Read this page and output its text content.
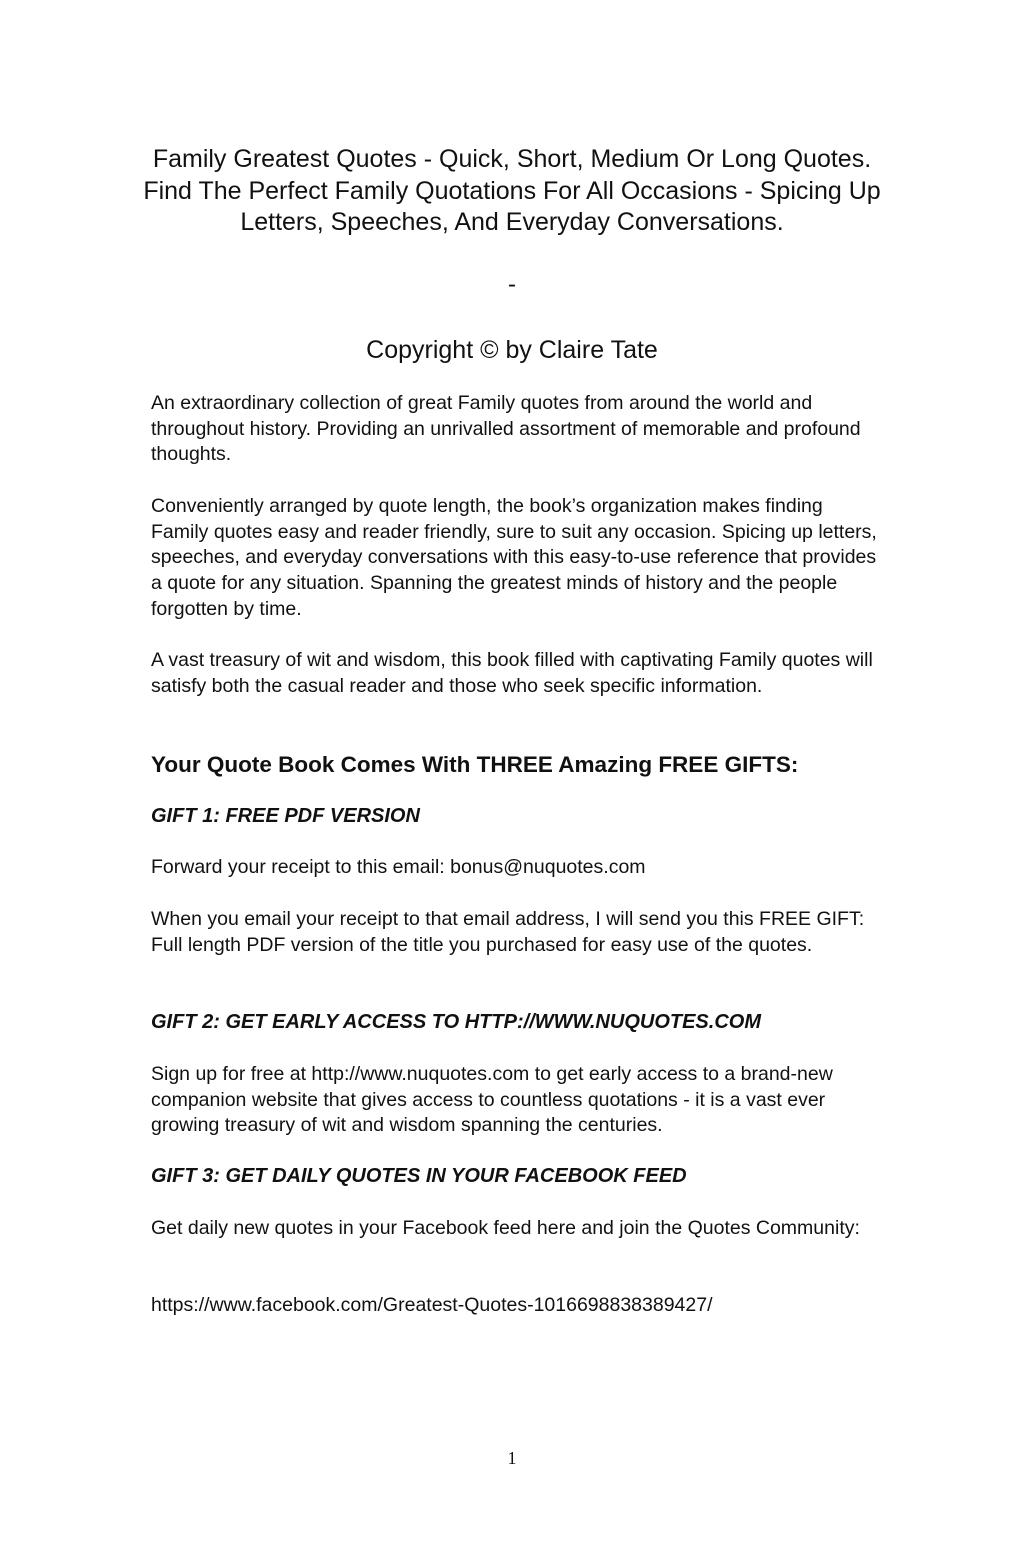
Family Greatest Quotes - Quick, Short, Medium Or Long Quotes. Find The Perfect Family Quotations For All Occasions - Spicing Up Letters, Speeches, And Everyday Conversations.
-
Copyright © by Claire Tate

An extraordinary collection of great Family quotes from around the world and throughout history. Providing an unrivalled assortment of memorable and profound thoughts.

Conveniently arranged by quote length, the book’s organization makes finding Family quotes easy and reader friendly, sure to suit any occasion. Spicing up letters, speeches, and everyday conversations with this easy-to-use reference that provides a quote for any situation. Spanning the greatest minds of history and the people forgotten by time.

A vast treasury of wit and wisdom, this book filled with captivating Family quotes will satisfy both the casual reader and those who seek specific information.

Your Quote Book Comes With THREE Amazing FREE GIFTS:
GIFT 1: FREE PDF VERSION

Forward your receipt to this email: bonus@nuquotes.com

When you email your receipt to that email address, I will send you this FREE GIFT: Full length PDF version of the title you purchased for easy use of the quotes.

GIFT 2: GET EARLY ACCESS TO HTTP://WWW.NUQUOTES.COM

Sign up for free at http://www.nuquotes.com to get early access to a brand-new companion website that gives access to countless quotations - it is a vast ever growing treasury of wit and wisdom spanning the centuries.

GIFT 3: GET DAILY QUOTES IN YOUR FACEBOOK FEED

Get daily new quotes in your Facebook feed here and join the Quotes Community:

https://www.facebook.com/Greatest-Quotes-1016698838389427/

1
